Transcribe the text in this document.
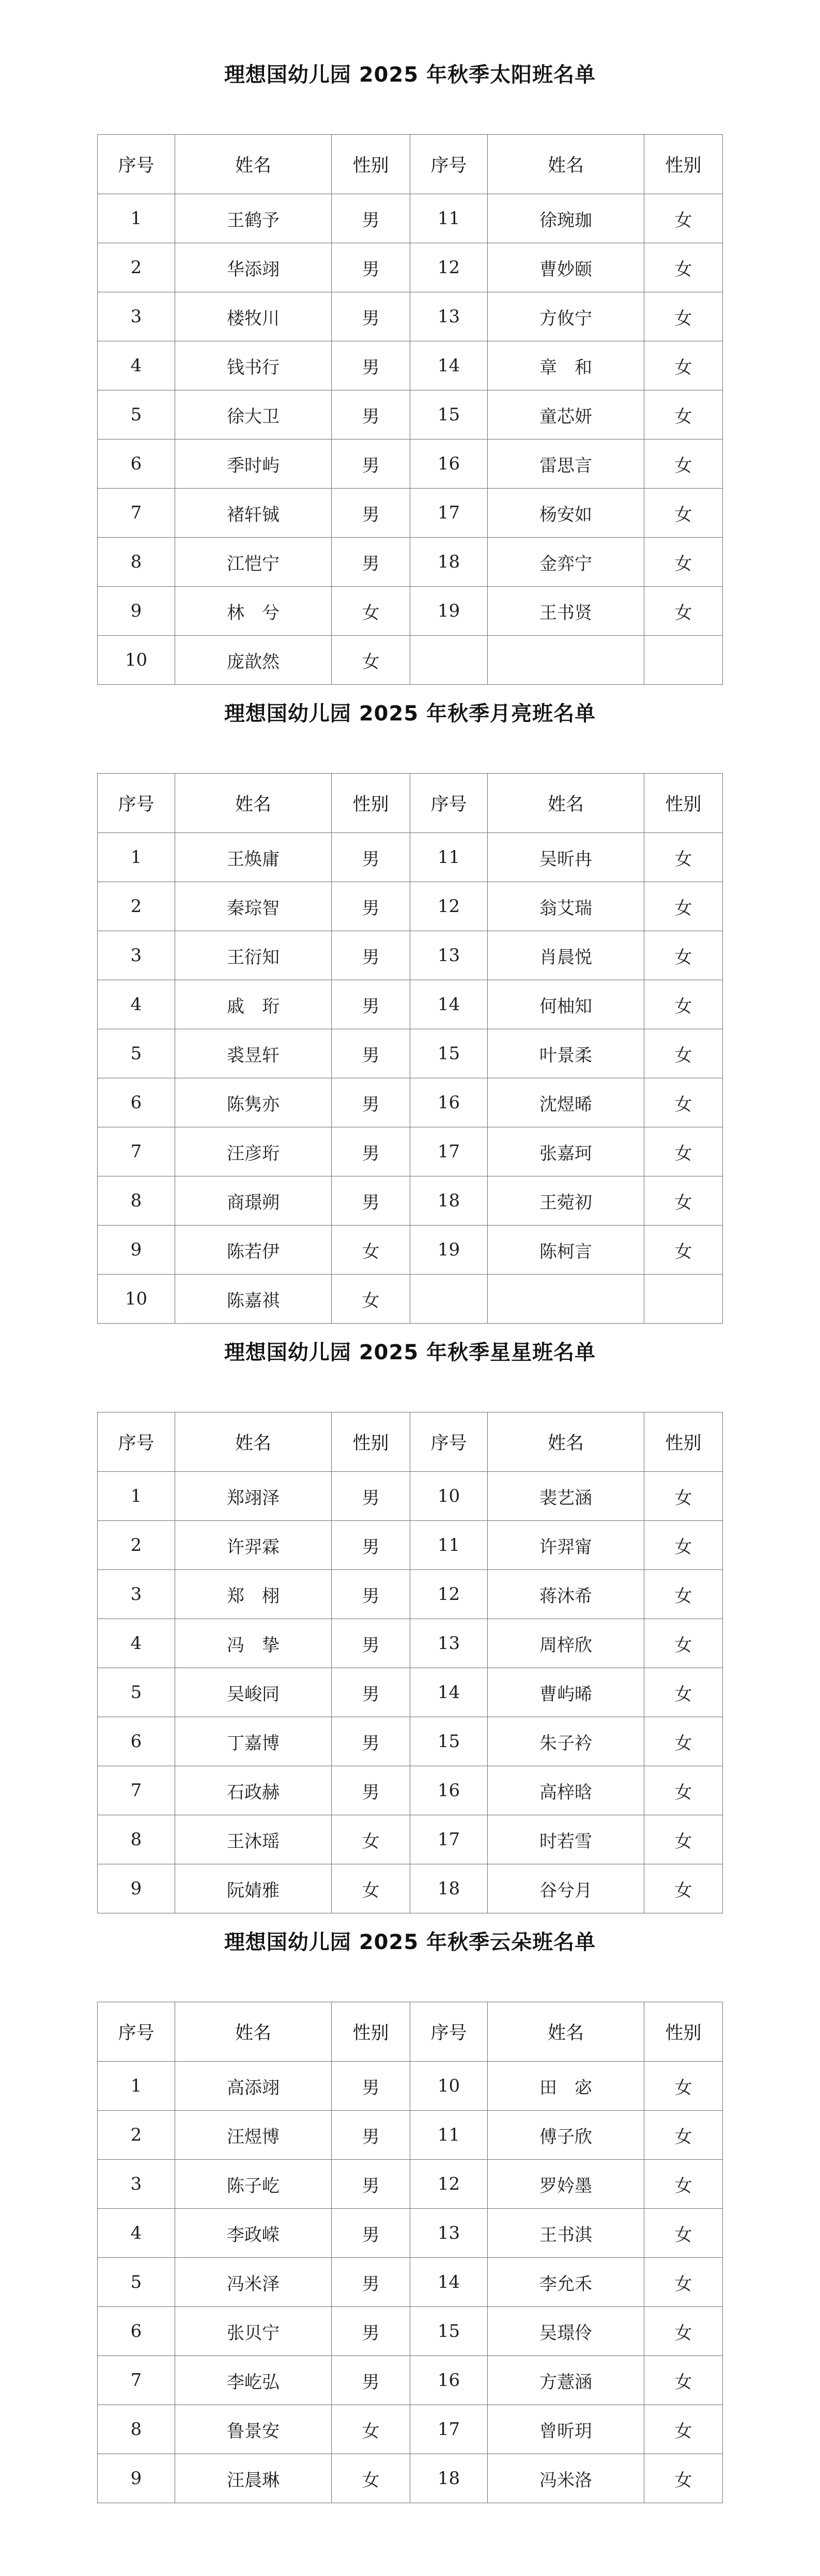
理想国幼儿园 2025 年秋季太阳班名单
序号	姓名	性别	序号	姓名	性别
1	王鹤予	男	11	徐琬珈	女
2	华添翊	男	12	曹妙颐	女
3	楼牧川	男	13	方攸宁	女
4	钱书行	男	14	章　和	女
5	徐大卫	男	15	童芯妍	女
6	季时屿	男	16	雷思言	女
7	褚轩铖	男	17	杨安如	女
8	江恺宁	男	18	金弈宁	女
9	林　兮	女	19	王书贤	女
10	庞歆然	女			
理想国幼儿园 2025 年秋季月亮班名单
序号	姓名	性别	序号	姓名	性别
1	王焕庸	男	11	吴昕冉	女
2	秦琮智	男	12	翁艾瑞	女
3	王衍知	男	13	肖晨悦	女
4	戚　珩	男	14	何柚知	女
5	裘昱轩	男	15	叶景柔	女
6	陈隽亦	男	16	沈煜晞	女
7	汪彦珩	男	17	张嘉珂	女
8	商璟朔	男	18	王菀初	女
9	陈若伊	女	19	陈柯言	女
10	陈嘉祺	女			
理想国幼儿园 2025 年秋季星星班名单
序号	姓名	性别	序号	姓名	性别
1	郑翊泽	男	10	裴艺涵	女
2	许羿霖	男	11	许羿甯	女
3	郑　栩	男	12	蒋沐希	女
4	冯　挚	男	13	周梓欣	女
5	吴峻同	男	14	曹屿晞	女
6	丁嘉博	男	15	朱子衿	女
7	石政赫	男	16	高梓晗	女
8	王沐瑶	女	17	时若雪	女
9	阮婧雅	女	18	谷兮月	女
理想国幼儿园 2025 年秋季云朵班名单
序号	姓名	性别	序号	姓名	性别
1	高添翊	男	10	田　宓	女
2	汪煜博	男	11	傅子欣	女
3	陈子屹	男	12	罗妗墨	女
4	李政嵘	男	13	王书淇	女
5	冯米泽	男	14	李允禾	女
6	张贝宁	男	15	吴璟伶	女
7	李屹弘	男	16	方薏涵	女
8	鲁景安	女	17	曾昕玥	女
9	汪晨琳	女	18	冯米洛	女
